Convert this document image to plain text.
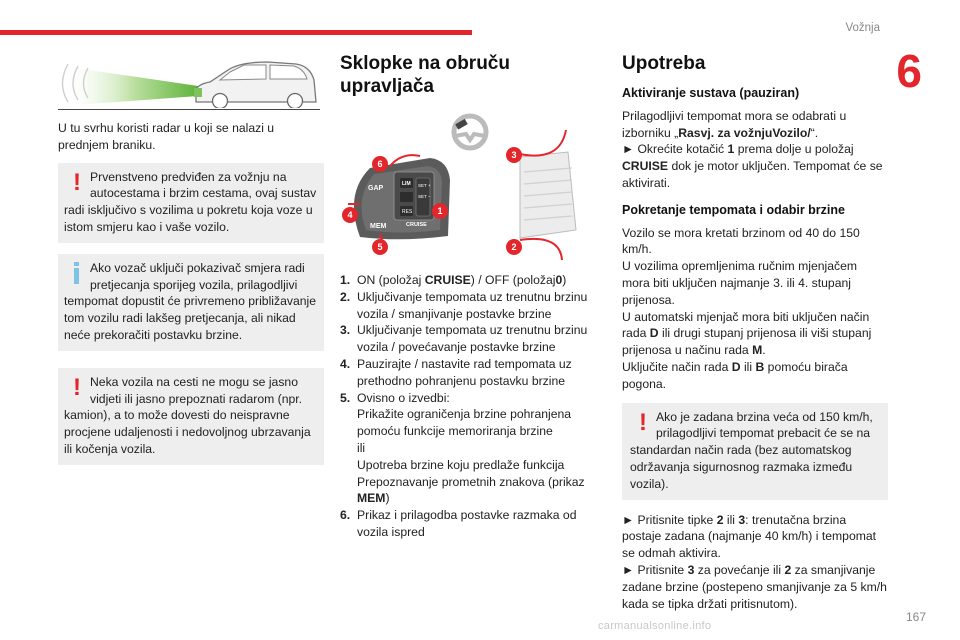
Vožnja
6

U tu svrhu koristi radar u koji se nalazi u prednjem braniku.

! Prvenstveno predviđen za vožnju na autocestama i brzim cestama, ovaj sustav radi isključivo s vozilima u pokretu koja voze u istom smjeru kao i vaše vozilo.
Ako vozač uključi pokazivač smjera radi pretjecanja sporijeg vozila, prilagodljivi tempomat dopustit će privremeno približavanje tom vozilu radi lakšeg pretjecanja, ali nikad neće prekoračiti postavku brzine.
! Neka vozila na cesti ne mogu se jasno vidjeti ili jasno prepoznati radarom (npr. kamion), a to može dovesti do neispravne procjene udaljenosti i nedovoljnog ubrzavanja ili kočenja vozila.
Sklopke na obruču upravljača
GAP
LIM SET +
SET −
RES
MEM	CRUISE
6
4
5
1
3
2
1. ON (položaj CRUISE) / OFF (položaj0)
2. Uključivanje tempomata uz trenutnu brzinu vozila / smanjivanje postavke brzine
3. Uključivanje tempomata uz trenutnu brzinu vozila / povećavanje postavke brzine
4. Pauzirajte / nastavite rad tempomata uz prethodno pohranjenu postavku brzine
5. Ovisno o izvedbi:
Prikažite ograničenja brzine pohranjena pomoću funkcije memoriranja brzine
ili
Upotreba brzine koju predlaže funkcija Prepoznavanje prometnih znakova (prikaz MEM)
6. Prikaz i prilagodba postavke razmaka od vozila ispred
Upotreba
Aktiviranje sustava (pauziran)

Prilagodljivi tempomat mora se odabrati u izborniku „Rasvj. za vožnjuVozilo/“.
► Okrećite kotačić 1 prema dolje u položaj CRUISE dok je motor uključen. Tempomat će se aktivirati.

Pokretanje tempomata i odabir brzine

Vozilo se mora kretati brzinom od 40 do 150 km/h.
U vozilima opremljenima ručnim mjenjačem mora biti uključen najmanje 3. ili 4. stupanj prijenosa.
U automatski mjenjač mora biti uključen način rada D ili drugi stupanj prijenosa ili viši stupanj prijenosa u načinu rada M.
Uključite način rada D ili B pomoću birača pogona.

! Ako je zadana brzina veća od 150 km/h, prilagodljivi tempomat prebacit će se na standardan način rada (bez automatskog održavanja sigurnosnog razmaka između vozila).

► Pritisnite tipke 2 ili 3: trenutačna brzina postaje zadana (najmanje 40 km/h) i tempomat se odmah aktivira.
► Pritisnite 3 za povećanje ili 2 za smanjivanje zadane brzine (postepeno smanjivanje za 5 km/h kada se tipka držati pritisnutom).

167
carmanualsonline.info
